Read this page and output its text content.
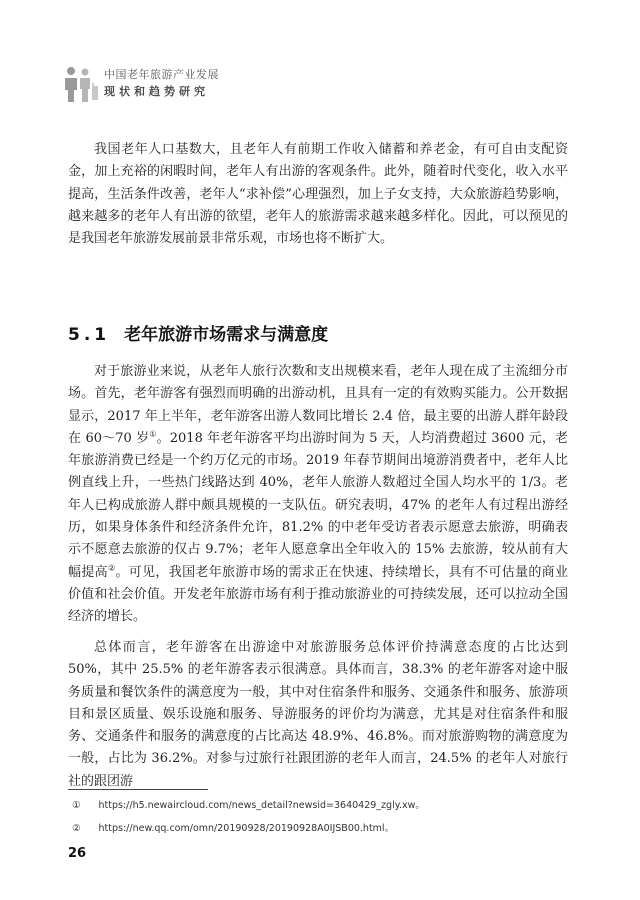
中国老年旅游产业发展
现状和趋势研究

我国老年人口基数大，且老年人有前期工作收入储蓄和养老金，有可自由支配资金，加上充裕的闲暇时间，老年人有出游的客观条件。此外，随着时代变化，收入水平提高，生活条件改善，老年人“求补偿”心理强烈，加上子女支持，大众旅游趋势影响，越来越多的老年人有出游的欲望，老年人的旅游需求越来越多样化。因此，可以预见的是我国老年旅游发展前景非常乐观，市场也将不断扩大。

5.1 老年旅游市场需求与满意度

对于旅游业来说，从老年人旅行次数和支出规模来看，老年人现在成了主流细分市场。首先，老年游客有强烈而明确的出游动机，且具有一定的有效购买能力。公开数据显示，2017 年上半年，老年游客出游人数同比增长 2.4 倍，最主要的出游人群年龄段在 60～70 岁①。2018 年老年游客平均出游时间为 5 天，人均消费超过 3600 元，老年旅游消费已经是一个约万亿元的市场。2019 年春节期间出境游消费者中，老年人比例直线上升，一些热门线路达到 40%，老年人旅游人数超过全国人均水平的 1/3。老年人已构成旅游人群中颇具规模的一支队伍。研究表明，47% 的老年人有过程出游经历，如果身体条件和经济条件允许，81.2% 的中老年受访者表示愿意去旅游，明确表示不愿意去旅游的仅占 9.7%；老年人愿意拿出全年收入的 15% 去旅游，较从前有大幅提高②。可见，我国老年旅游市场的需求正在快速、持续增长，具有不可估量的商业价值和社会价值。开发老年旅游市场有利于推动旅游业的可持续发展，还可以拉动全国经济的增长。

总体而言，老年游客在出游途中对旅游服务总体评价持满意态度的占比达到 50%，其中 25.5% 的老年游客表示很满意。具体而言，38.3% 的老年游客对途中服务质量和餐饮条件的满意度为一般，其中对住宿条件和服务、交通条件和服务、旅游项目和景区质量、娱乐设施和服务、导游服务的评价均为满意，尤其是对住宿条件和服务、交通条件和服务的满意度的占比高达 48.9%、46.8%。而对旅游购物的满意度为一般，占比为 36.2%。对参与过旅行社跟团游的老年人而言，24.5% 的老年人对旅行社的跟团游

① https://h5.newaircloud.com/news_detail?newsid=3640429_zgly.xw。
② https://new.qq.com/omn/20190928/20190928A0IJSB00.html。
26
